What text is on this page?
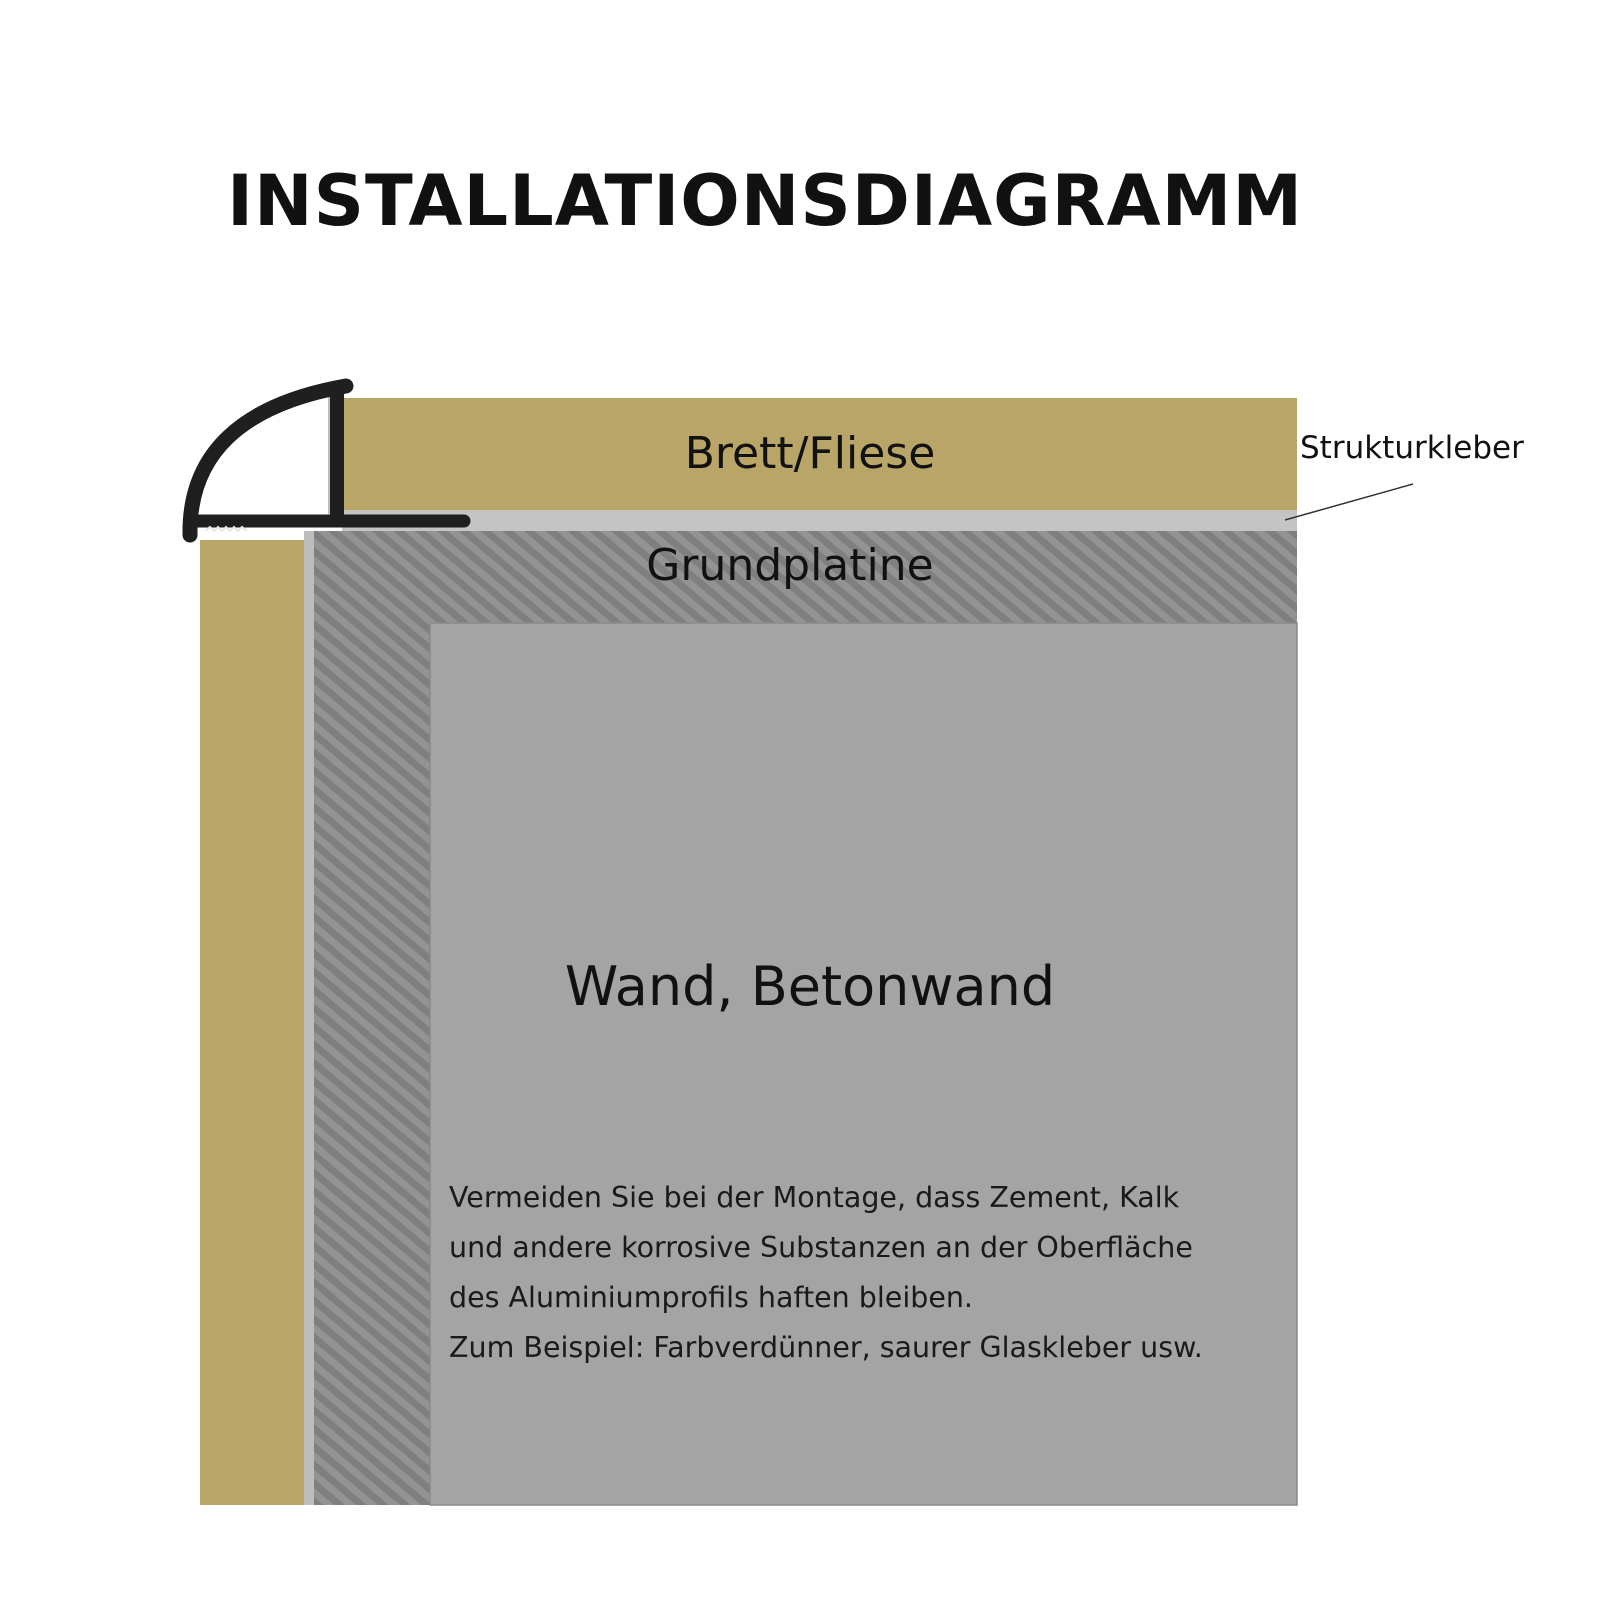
INSTALLATIONSDIAGRAMM
Brett/Fliese	Strukturkleber
Grundplatine
Wand, Betonwand
Vermeiden Sie bei der Montage, dass Zement, Kalk
und andere korrosive Substanzen an der Oberfläche
des Aluminiumprofils haften bleiben.
Zum Beispiel: Farbverdünner, saurer Glaskleber usw.
